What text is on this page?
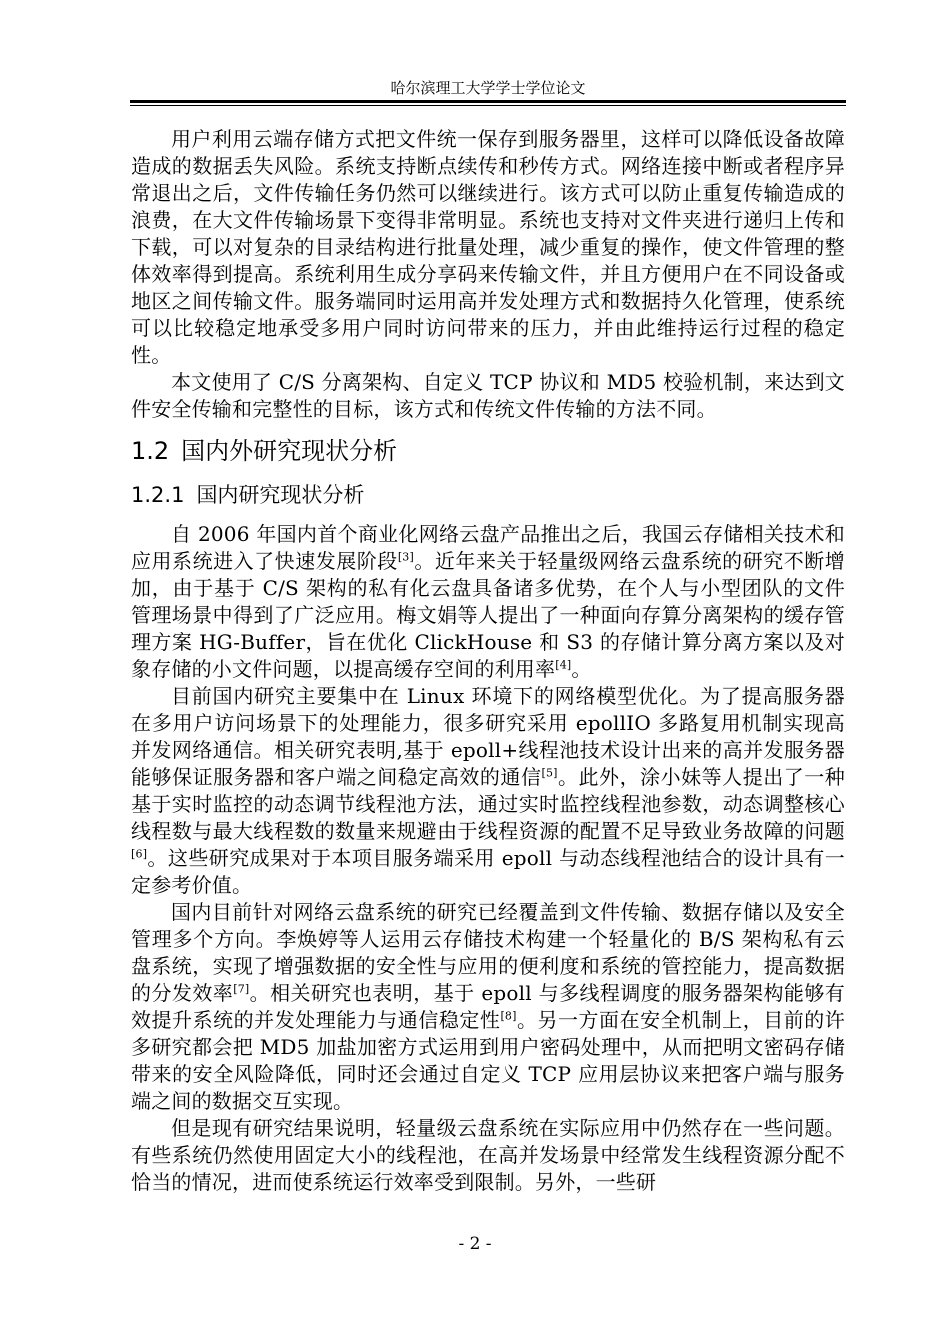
哈尔滨理工大学学士学位论文

用户利用云端存储方式把文件统一保存到服务器里，这样可以降低设备故障造成的数据丢失风险。系统支持断点续传和秒传方式。网络连接中断或者程序异常退出之后，文件传输任务仍然可以继续进行。该方式可以防止重复传输造成的浪费，在大文件传输场景下变得非常明显。系统也支持对文件夹进行递归上传和下载，可以对复杂的目录结构进行批量处理，减少重复的操作，使文件管理的整体效率得到提高。系统利用生成分享码来传输文件，并且方便用户在不同设备或地区之间传输文件。服务端同时运用高并发处理方式和数据持久化管理，使系统可以比较稳定地承受多用户同时访问带来的压力，并由此维持运行过程的稳定性。

本文使用了 C/S 分离架构、自定义 TCP 协议和 MD5 校验机制，来达到文件安全传输和完整性的目标，该方式和传统文件传输的方法不同。

1.2 国内外研究现状分析
1.2.1 国内研究现状分析

自 2006 年国内首个商业化网络云盘产品推出之后，我国云存储相关技术和应用系统进入了快速发展阶段[3]。近年来关于轻量级网络云盘系统的研究不断增加，由于基于 C/S 架构的私有化云盘具备诸多优势，在个人与小型团队的文件管理场景中得到了广泛应用。梅文娟等人提出了一种面向存算分离架构的缓存管理方案 HG-Buffer，旨在优化 ClickHouse 和 S3 的存储计算分离方案以及对象存储的小文件问题，以提高缓存空间的利用率[4]。

目前国内研究主要集中在 Linux 环境下的网络模型优化。为了提高服务器在多用户访问场景下的处理能力，很多研究采用 epollIO 多路复用机制实现高并发网络通信。相关研究表明,基于 epoll+线程池技术设计出来的高并发服务器能够保证服务器和客户端之间稳定高效的通信[5]。此外，涂小妹等人提出了一种基于实时监控的动态调节线程池方法，通过实时监控线程池参数，动态调整核心线程数与最大线程数的数量来规避由于线程资源的配置不足导致业务故障的问题[6]。这些研究成果对于本项目服务端采用 epoll 与动态线程池结合的设计具有一定参考价值。

国内目前针对网络云盘系统的研究已经覆盖到文件传输、数据存储以及安全管理多个方向。李焕婷等人运用云存储技术构建一个轻量化的 B/S 架构私有云盘系统，实现了增强数据的安全性与应用的便利度和系统的管控能力，提高数据的分发效率[7]。相关研究也表明，基于 epoll 与多线程调度的服务器架构能够有效提升系统的并发处理能力与通信稳定性[8]。另一方面在安全机制上，目前的许多研究都会把 MD5 加盐加密方式运用到用户密码处理中，从而把明文密码存储带来的安全风险降低，同时还会通过自定义 TCP 应用层协议来把客户端与服务端之间的数据交互实现。

但是现有研究结果说明，轻量级云盘系统在实际应用中仍然存在一些问题。有些系统仍然使用固定大小的线程池，在高并发场景中经常发生线程资源分配不恰当的情况，进而使系统运行效率受到限制。另外，一些研

- 2 -
